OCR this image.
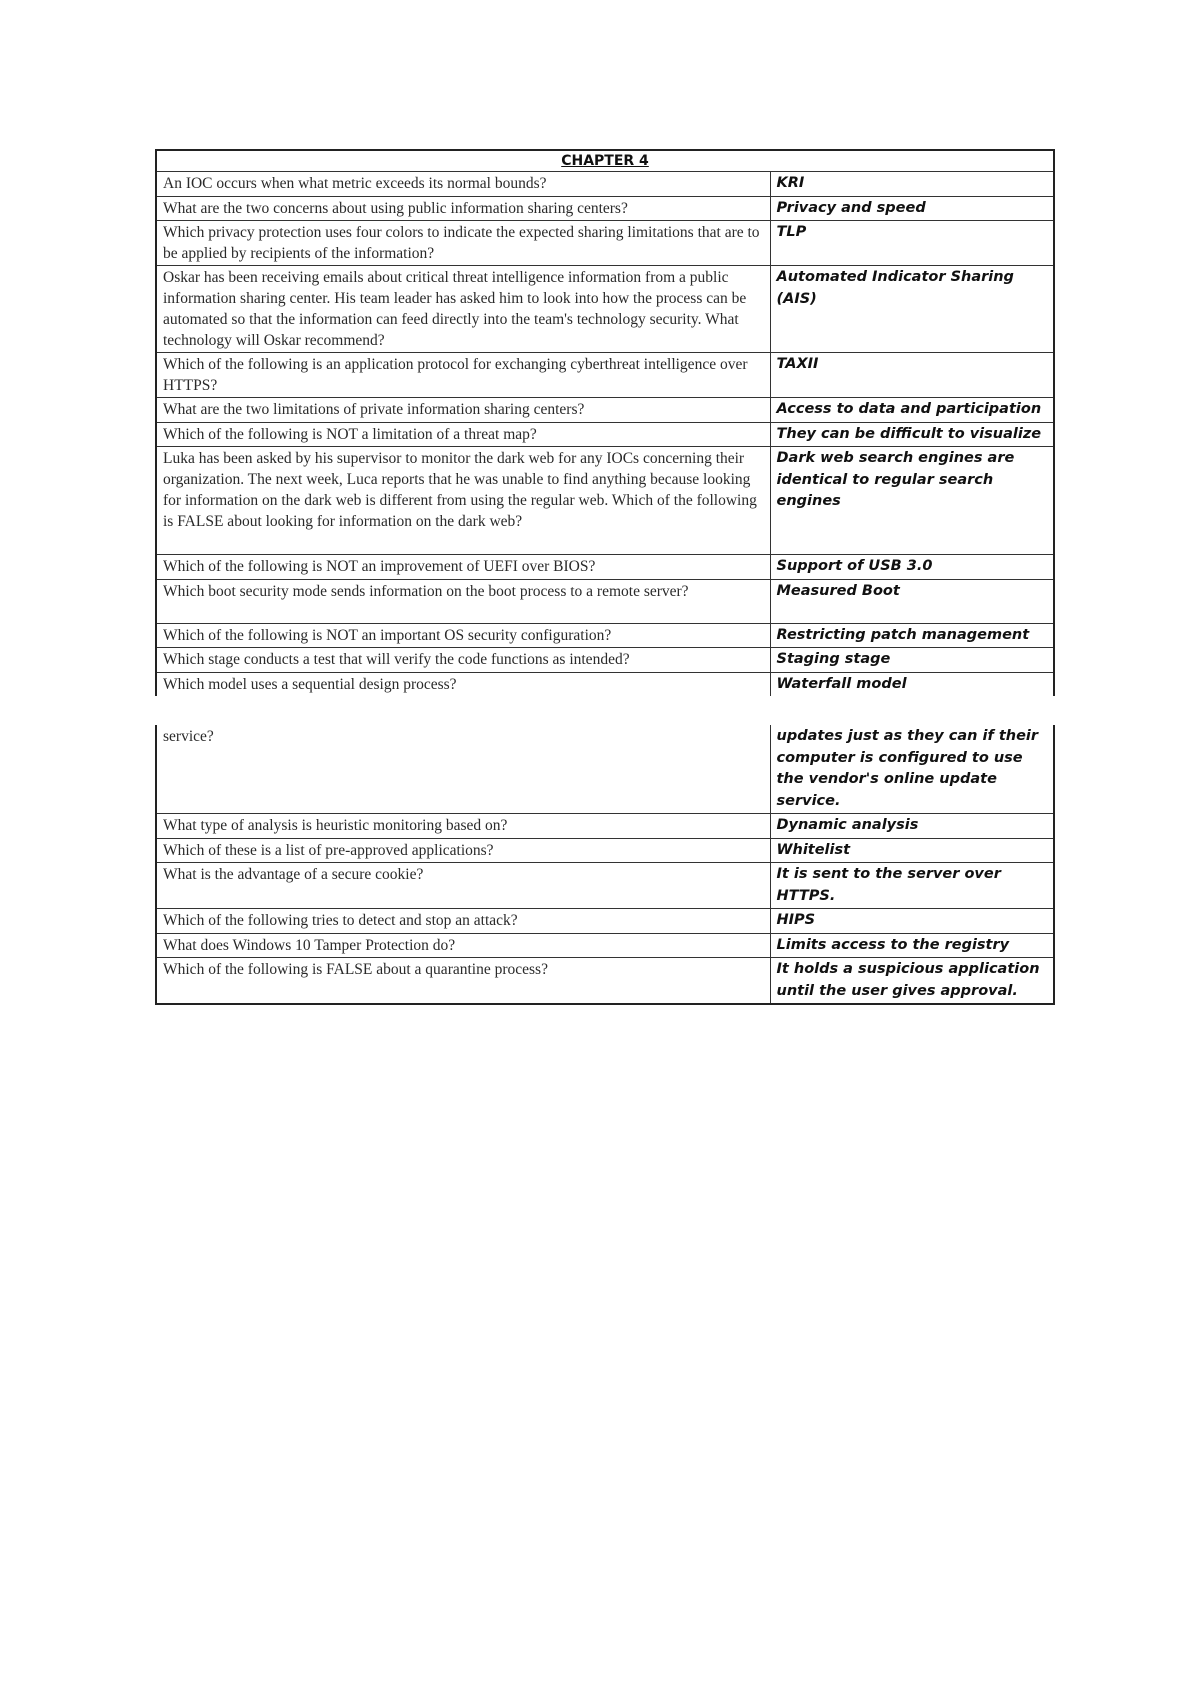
CHAPTER 4	
An IOC occurs when what metric exceeds its normal bounds?	KRI
What are the two concerns about using public information sharing centers?	Privacy and speed
Which privacy protection uses four colors to indicate the expected sharing limitations that are to be applied by recipients of the information?	TLP
Oskar has been receiving emails about critical threat intelligence information from a public information sharing center. His team leader has asked him to look into how the process can be automated so that the information can feed directly into the team's technology security. What technology will Oskar recommend?	Automated Indicator Sharing (AIS)
Which of the following is an application protocol for exchanging cyberthreat intelligence over HTTPS?	TAXII
What are the two limitations of private information sharing centers?	Access to data and participation
Which of the following is NOT a limitation of a threat map?	They can be difficult to visualize
Luka has been asked by his supervisor to monitor the dark web for any IOCs concerning their organization. The next week, Luca reports that he was unable to find anything because looking for information on the dark web is different from using the regular web. Which of the following is FALSE about looking for information on the dark web?	Dark web search engines are identical to regular search engines
Which of the following is NOT an improvement of UEFI over BIOS?	Support of USB 3.0
Which boot security mode sends information on the boot process to a remote server?	Measured Boot
Which of the following is NOT an important OS security configuration?	Restricting patch management
Which stage conducts a test that will verify the code functions as intended?	Staging stage
Which model uses a sequential design process?	Waterfall model
service?	updates just as they can if their computer is configured to use the vendor's online update service.
What type of analysis is heuristic monitoring based on?	Dynamic analysis
Which of these is a list of pre-approved applications?	Whitelist
What is the advantage of a secure cookie?	It is sent to the server over HTTPS.
Which of the following tries to detect and stop an attack?	HIPS
What does Windows 10 Tamper Protection do?	Limits access to the registry
Which of the following is FALSE about a quarantine process?	It holds a suspicious application until the user gives approval.
